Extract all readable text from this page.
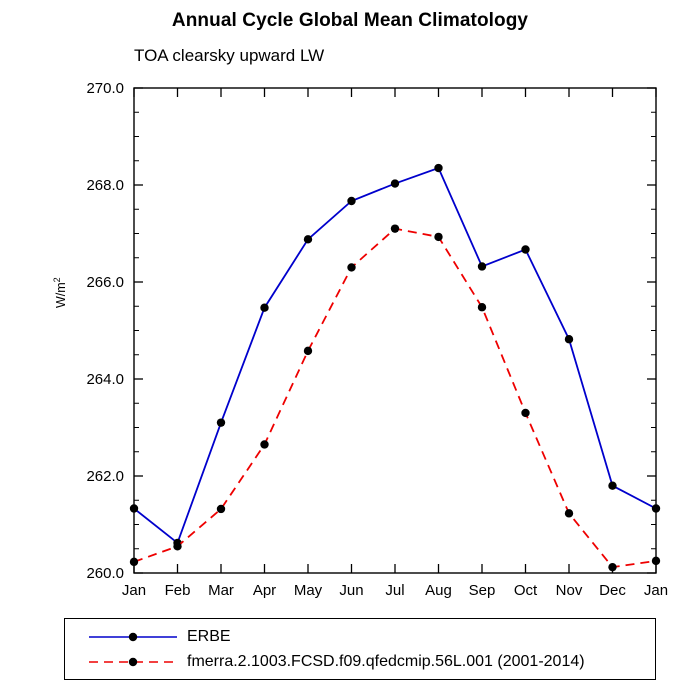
Annual Cycle Global Mean Climatology
TOA clearsky upward LW
$W/m^2$
260.0
262.0
264.0
266.0
268.0
270.0
Jan Feb Mar Apr May Jun Jul Aug Sep Oct Nov Dec Jan
ERBE
fmerra.2.1003.FCSD.f09.qfedcmip.56L.001 (2001-2014)
